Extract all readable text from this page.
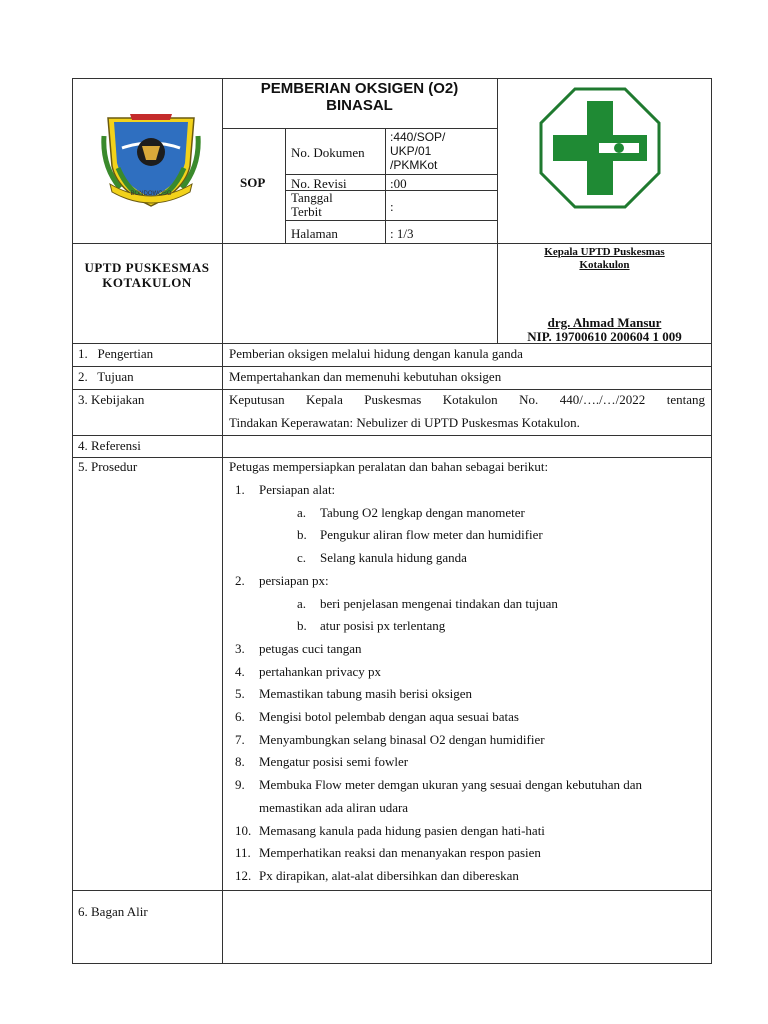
BONDOWOSO
PEMBERIAN OKSIGEN (O2)
BINASAL
SOP
No. Dokumen
:440/SOP/
UKP/01
/PKMKot
No. Revisi	:00
Tanggal
Terbit	:
Halaman	: 1/3
UPTD PUSKESMAS
KOTAKULON
Kepala UPTD Puskesmas
Kotakulon
drg. Ahmad Mansur
NIP. 19700610 200604 1 009
1.   Pengertian	Pemberian oksigen melalui hidung dengan kanula ganda
2.   Tujuan	Mempertahankan dan memenuhi kebutuhan oksigen
3. Kebijakan	Keputusan Kepala Puskesmas Kotakulon No. 440/…./…/2022 tentang
Tindakan Keperawatan: Nebulizer di UPTD Puskesmas Kotakulon.
4. Referensi
5. Prosedur	Petugas mempersiapkan peralatan dan bahan sebagai berikut:
1. Persiapan alat:
a. Tabung O2 lengkap dengan manometer
b. Pengukur aliran flow meter dan humidifier
c. Selang kanula hidung ganda
2. persiapan px:
a. beri penjelasan mengenai tindakan dan tujuan
b. atur posisi px terlentang
3. petugas cuci tangan
4. pertahankan privacy px
5. Memastikan tabung masih berisi oksigen
6. Mengisi botol pelembab dengan aqua sesuai batas
7. Menyambungkan selang binasal O2 dengan humidifier
8. Mengatur posisi semi fowler
9. Membuka Flow meter demgan ukuran yang sesuai dengan kebutuhan dan
memastikan ada aliran udara
10. Memasang kanula pada hidung pasien dengan hati-hati
11. Memperhatikan reaksi dan menanyakan respon pasien
12. Px dirapikan, alat-alat dibersihkan dan dibereskan
6. Bagan Alir
